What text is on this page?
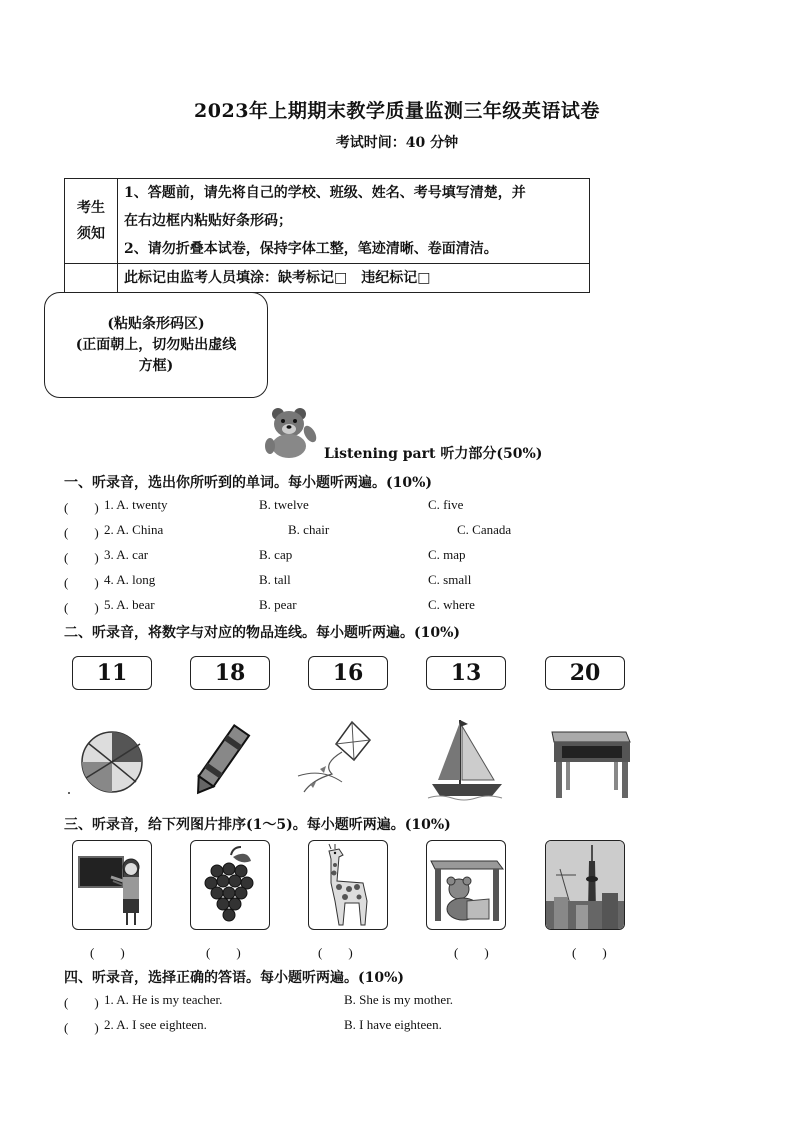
2023年上期期末教学质量监测三年级英语试卷
考试时间：40 分钟
考生
须知	1、答题前，请先将自己的学校、班级、姓名、考号填写清楚，并

	在右边框内粘贴好条形码；

	2、请勿折叠本试卷，保持字体工整，笔迹清晰、卷面清洁。
	此标记由监考人员填涂：缺考标记□　违纪标记□
(粘贴条形码区)
(正面朝上，切勿贴出虚线
方框)
Listening part 听力部分(50%)
一、听录音，选出你所听到的单词。每小题听两遍。(10%)
(　　) 1. A. twenty	B. twelve	C. five
(　　) 2. A. China	B. chair	C. Canada
(　　) 3. A. car	B. cap	C. map
(　　) 4. A. long	B. tall	C. small
(　　) 5. A. bear	B. pear	C. where
二、听录音，将数字与对应的物品连线。每小题听两遍。(10%)
11	18	16	13	20
三、听录音，给下列图片排序(1～5)。每小题听两遍。(10%)
(　　)	(　　)	(　　)	(　　)	(　　)
四、听录音，选择正确的答语。每小题听两遍。(10%)
(　　) 1. A. He is my teacher.	B. She is my mother.
(　　) 2. A. I see eighteen.	B. I have eighteen.
